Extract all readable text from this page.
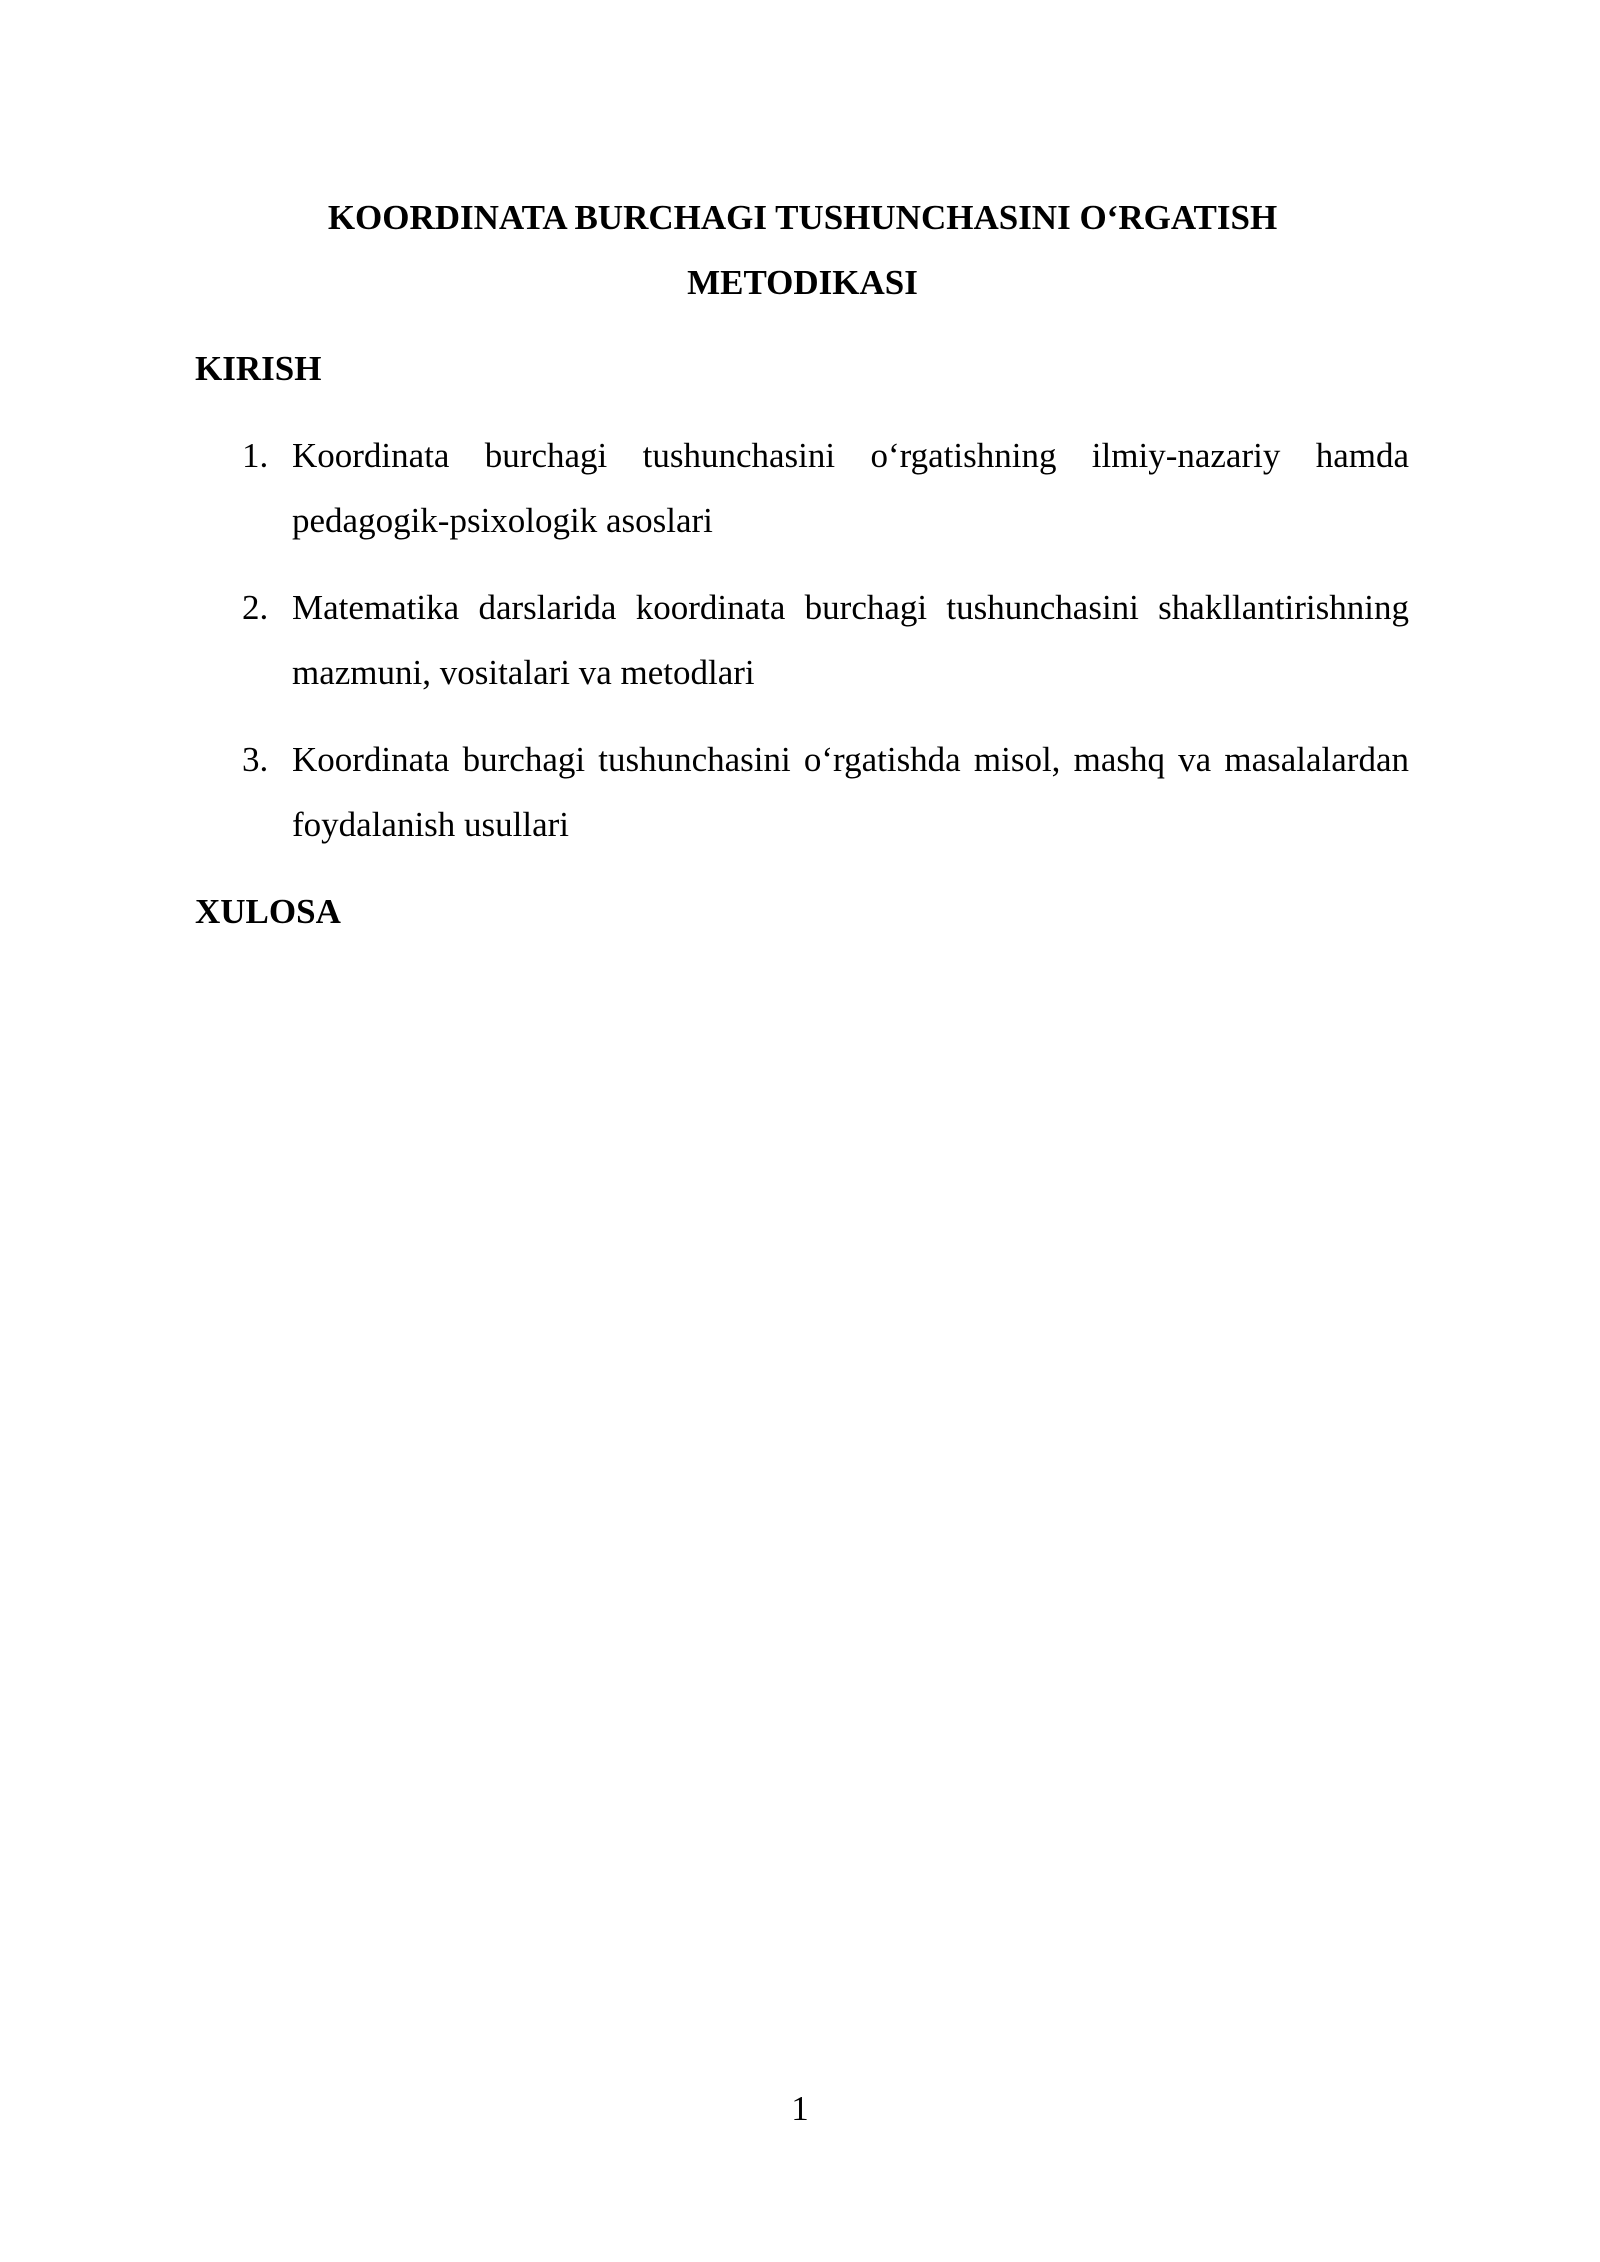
KOORDINATA BURCHAGI TUSHUNCHASINI O‘RGATISH
METODIKASI
KIRISH
1. Koordinata burchagi tushunchasini o‘rgatishning ilmiy-nazariy hamda pedagogik-psixologik asoslari
2. Matematika darslarida koordinata burchagi tushunchasini shakllantirishning mazmuni, vositalari va metodlari
3. Koordinata burchagi tushunchasini o‘rgatishda misol, mashq va masalalardan foydalanish usullari
XULOSA
1
